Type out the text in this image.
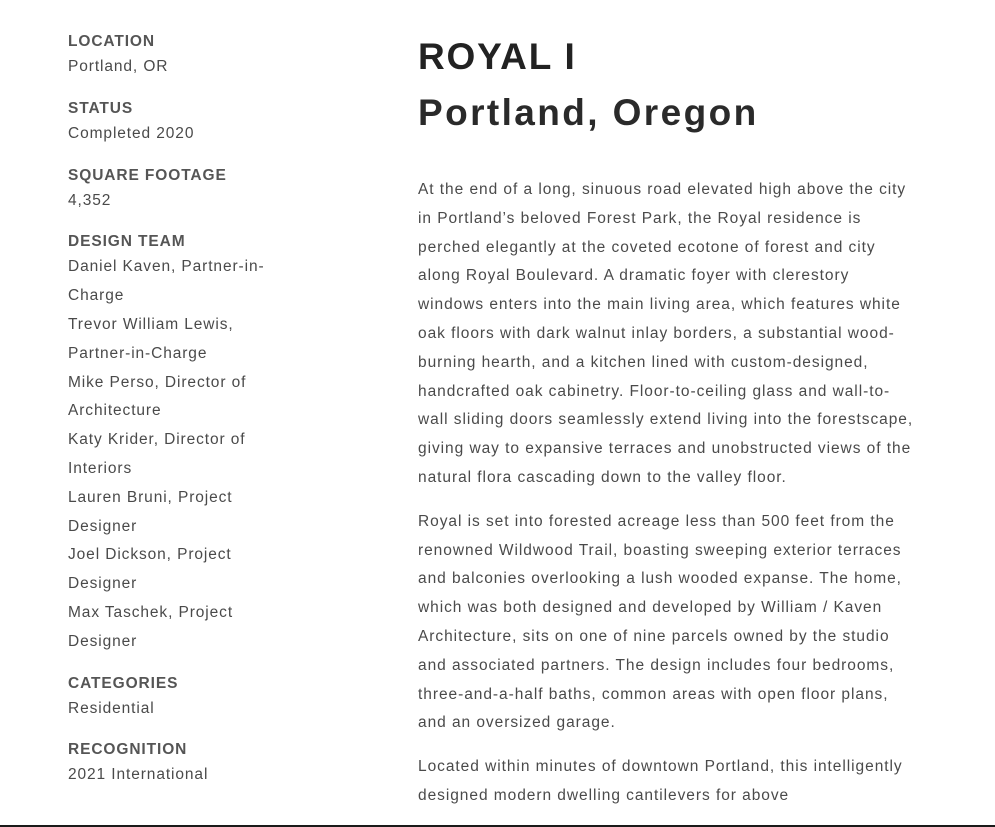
LOCATION

Portland, OR

STATUS

Completed 2020

SQUARE FOOTAGE

4,352

DESIGN TEAM

Daniel Kaven, Partner-in-Charge

Trevor William Lewis, Partner-in-Charge

Mike Perso, Director of Architecture

Katy Krider, Director of Interiors

Lauren Bruni, Project Designer

Joel Dickson, Project Designer

Max Taschek, Project Designer

CATEGORIES

Residential

RECOGNITION

2021 International

ROYAL I
Portland, Oregon

At the end of a long, sinuous road elevated high above the city in Portland’s beloved Forest Park, the Royal residence is perched elegantly at the coveted ecotone of forest and city along Royal Boulevard. A dramatic foyer with clerestory windows enters into the main living area, which features white oak floors with dark walnut inlay borders, a substantial wood-burning hearth, and a kitchen lined with custom-designed, handcrafted oak cabinetry. Floor-to-ceiling glass and wall-to-wall sliding doors seamlessly extend living into the forestscape, giving way to expansive terraces and unobstructed views of the natural flora cascading down to the valley floor.

Royal is set into forested acreage less than 500 feet from the renowned Wildwood Trail, boasting sweeping exterior terraces and balconies overlooking a lush wooded expanse. The home, which was both designed and developed by William / Kaven Architecture, sits on one of nine parcels owned by the studio and associated partners. The design includes four bedrooms, three-and-a-half baths, common areas with open floor plans, and an oversized garage.

Located within minutes of downtown Portland, this intelligently designed modern dwelling cantilevers for above
